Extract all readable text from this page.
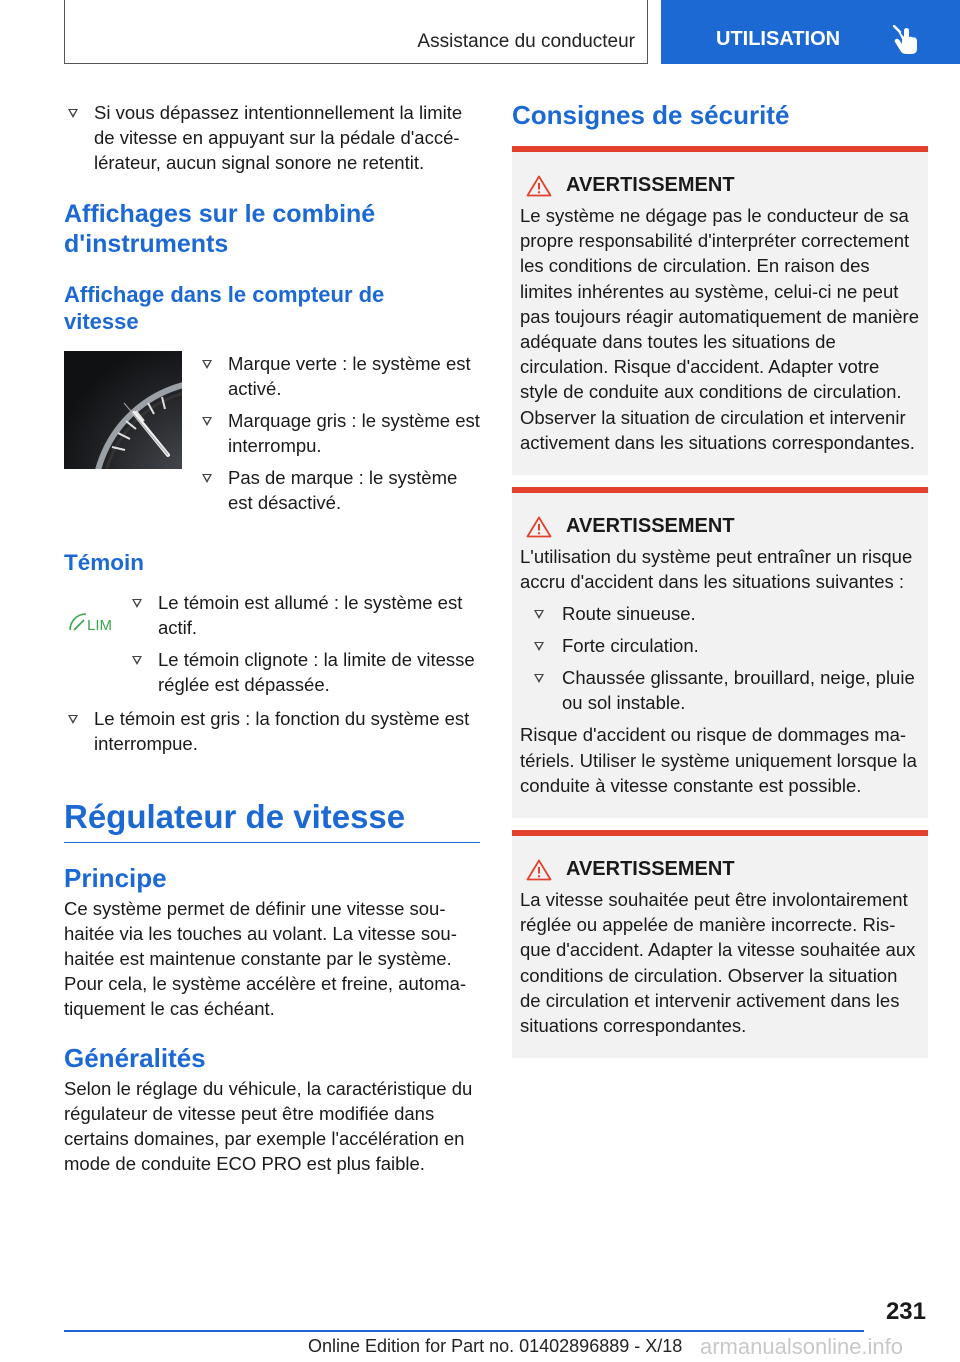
Assistance du conducteur	UTILISATION

Si vous dépassez intentionnellement la limite de vitesse en appuyant sur la pédale d'accélérateur, aucun signal sonore ne retentit.

Affichages sur le combiné d'instruments
Affichage dans le compteur de vitesse

Marque verte : le système est activé.

Marquage gris : le système est interrompu.

Pas de marque : le système est désactivé.

Témoin
LIM

Le témoin est allumé : le système est actif.

Le témoin clignote : la limite de vitesse réglée est dépassée.

Le témoin est gris : la fonction du système est interrompue.

Régulateur de vitesse
Principe

Ce système permet de définir une vitesse souhaitée via les touches au volant. La vitesse souhaitée est maintenue constante par le système. Pour cela, le système accélère et freine, automatiquement le cas échéant.

Généralités

Selon le réglage du véhicule, la caractéristique du régulateur de vitesse peut être modifiée dans certains domaines, par exemple l'accélération en mode de conduite ECO PRO est plus faible.

Consignes de sécurité
AVERTISSEMENT

Le système ne dégage pas le conducteur de sa propre responsabilité d'interpréter correctement les conditions de circulation. En raison des limites inhérentes au système, celui-ci ne peut pas toujours réagir automatiquement de manière adéquate dans toutes les situations de circulation. Risque d'accident. Adapter votre style de conduite aux conditions de circulation. Observer la situation de circulation et intervenir activement dans les situations correspondantes.

AVERTISSEMENT

L'utilisation du système peut entraîner un risque accru d'accident dans les situations suivantes :

Route sinueuse.

Forte circulation.

Chaussée glissante, brouillard, neige, pluie ou sol instable.

Risque d'accident ou risque de dommages matériels. Utiliser le système uniquement lorsque la conduite à vitesse constante est possible.

AVERTISSEMENT

La vitesse souhaitée peut être involontairement réglée ou appelée de manière incorrecte. Risque d'accident. Adapter la vitesse souhaitée aux conditions de circulation. Observer la situation de circulation et intervenir activement dans les situations correspondantes.

231
Online Edition for Part no. 01402896889 - X/18 armanualsonline.info
